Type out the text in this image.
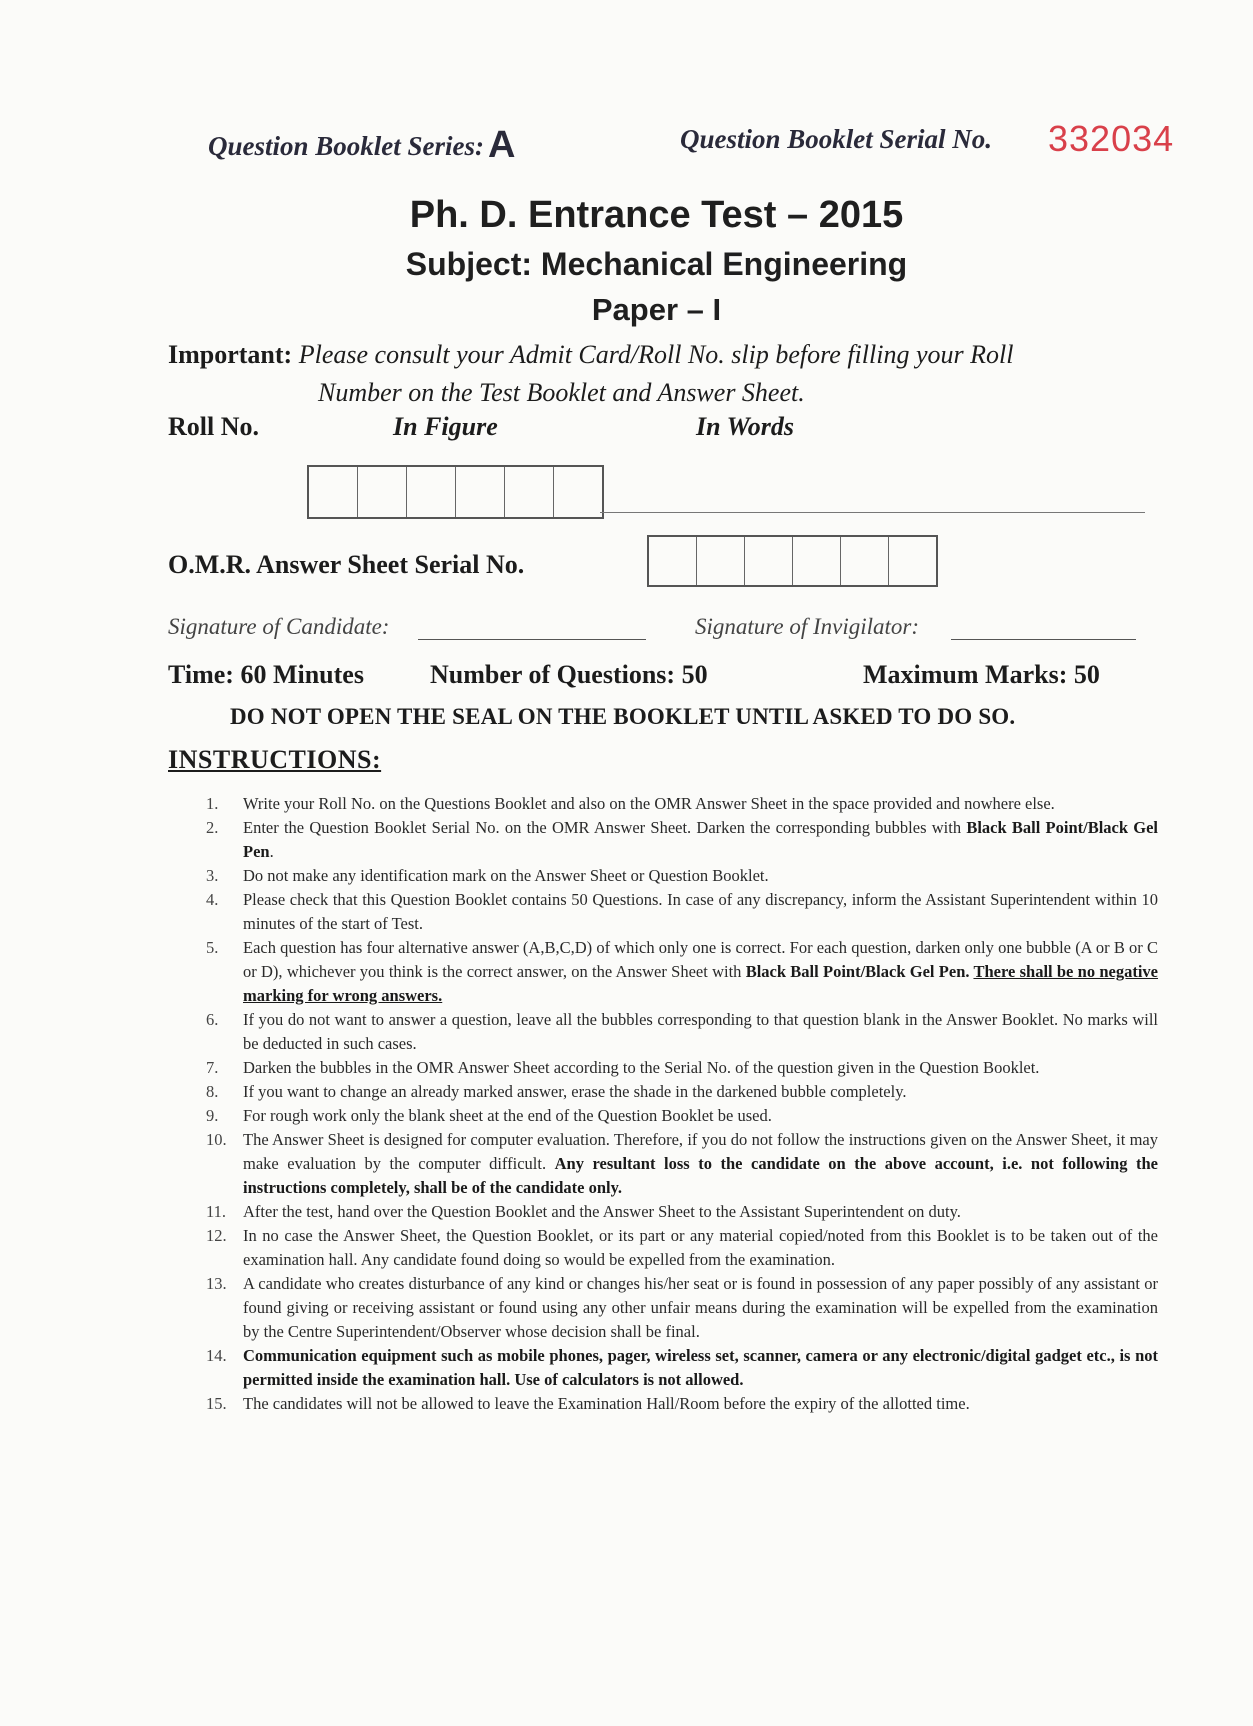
Question Booklet Series: A	Question Booklet Serial No. 332034
Ph. D. Entrance Test – 2015
Subject: Mechanical Engineering
Paper – I
Important: Please consult your Admit Card/Roll No. slip before filling your Roll
Number on the Test Booklet and Answer Sheet.
Roll No.	In Figure	In Words
O.M.R. Answer Sheet Serial No.
Signature of Candidate:	Signature of Invigilator:
Time: 60 Minutes	Number of Questions: 50	Maximum Marks: 50
DO NOT OPEN THE SEAL ON THE BOOKLET UNTIL ASKED TO DO SO.
INSTRUCTIONS:
1.	Write your Roll No. on the Questions Booklet and also on the OMR Answer Sheet in the space provided and nowhere else.
2.	Enter the Question Booklet Serial No. on the OMR Answer Sheet. Darken the corresponding bubbles with Black Ball Point/Black Gel Pen.
3.	Do not make any identification mark on the Answer Sheet or Question Booklet.
4.	Please check that this Question Booklet contains 50 Questions. In case of any discrepancy, inform the Assistant Superintendent within 10 minutes of the start of Test.
5.	Each question has four alternative answer (A,B,C,D) of which only one is correct. For each question, darken only one bubble (A or B or C or D), whichever you think is the correct answer, on the Answer Sheet with Black Ball Point/Black Gel Pen. There shall be no negative marking for wrong answers.
6.	If you do not want to answer a question, leave all the bubbles corresponding to that question blank in the Answer Booklet. No marks will be deducted in such cases.
7.	Darken the bubbles in the OMR Answer Sheet according to the Serial No. of the question given in the Question Booklet.
8.	If you want to change an already marked answer, erase the shade in the darkened bubble completely.
9.	For rough work only the blank sheet at the end of the Question Booklet be used.
10. The Answer Sheet is designed for computer evaluation. Therefore, if you do not follow the instructions given on the Answer Sheet, it may make evaluation by the computer difficult. Any resultant loss to the candidate on the above account, i.e. not following the instructions completely, shall be of the candidate only.
11.	After the test, hand over the Question Booklet and the Answer Sheet to the Assistant Superintendent on duty.
12. In no case the Answer Sheet, the Question Booklet, or its part or any material copied/noted from this Booklet is to be taken out of the examination hall. Any candidate found doing so would be expelled from the examination.
13. A candidate who creates disturbance of any kind or changes his/her seat or is found in possession of any paper possibly of any assistant or found giving or receiving assistant or found using any other unfair means during the examination will be expelled from the examination by the Centre Superintendent/Observer whose decision shall be final.
14. Communication equipment such as mobile phones, pager, wireless set, scanner, camera or any electronic/digital gadget etc., is not permitted inside the examination hall. Use of calculators is not allowed.
15. The candidates will not be allowed to leave the Examination Hall/Room before the expiry of the allotted time.
